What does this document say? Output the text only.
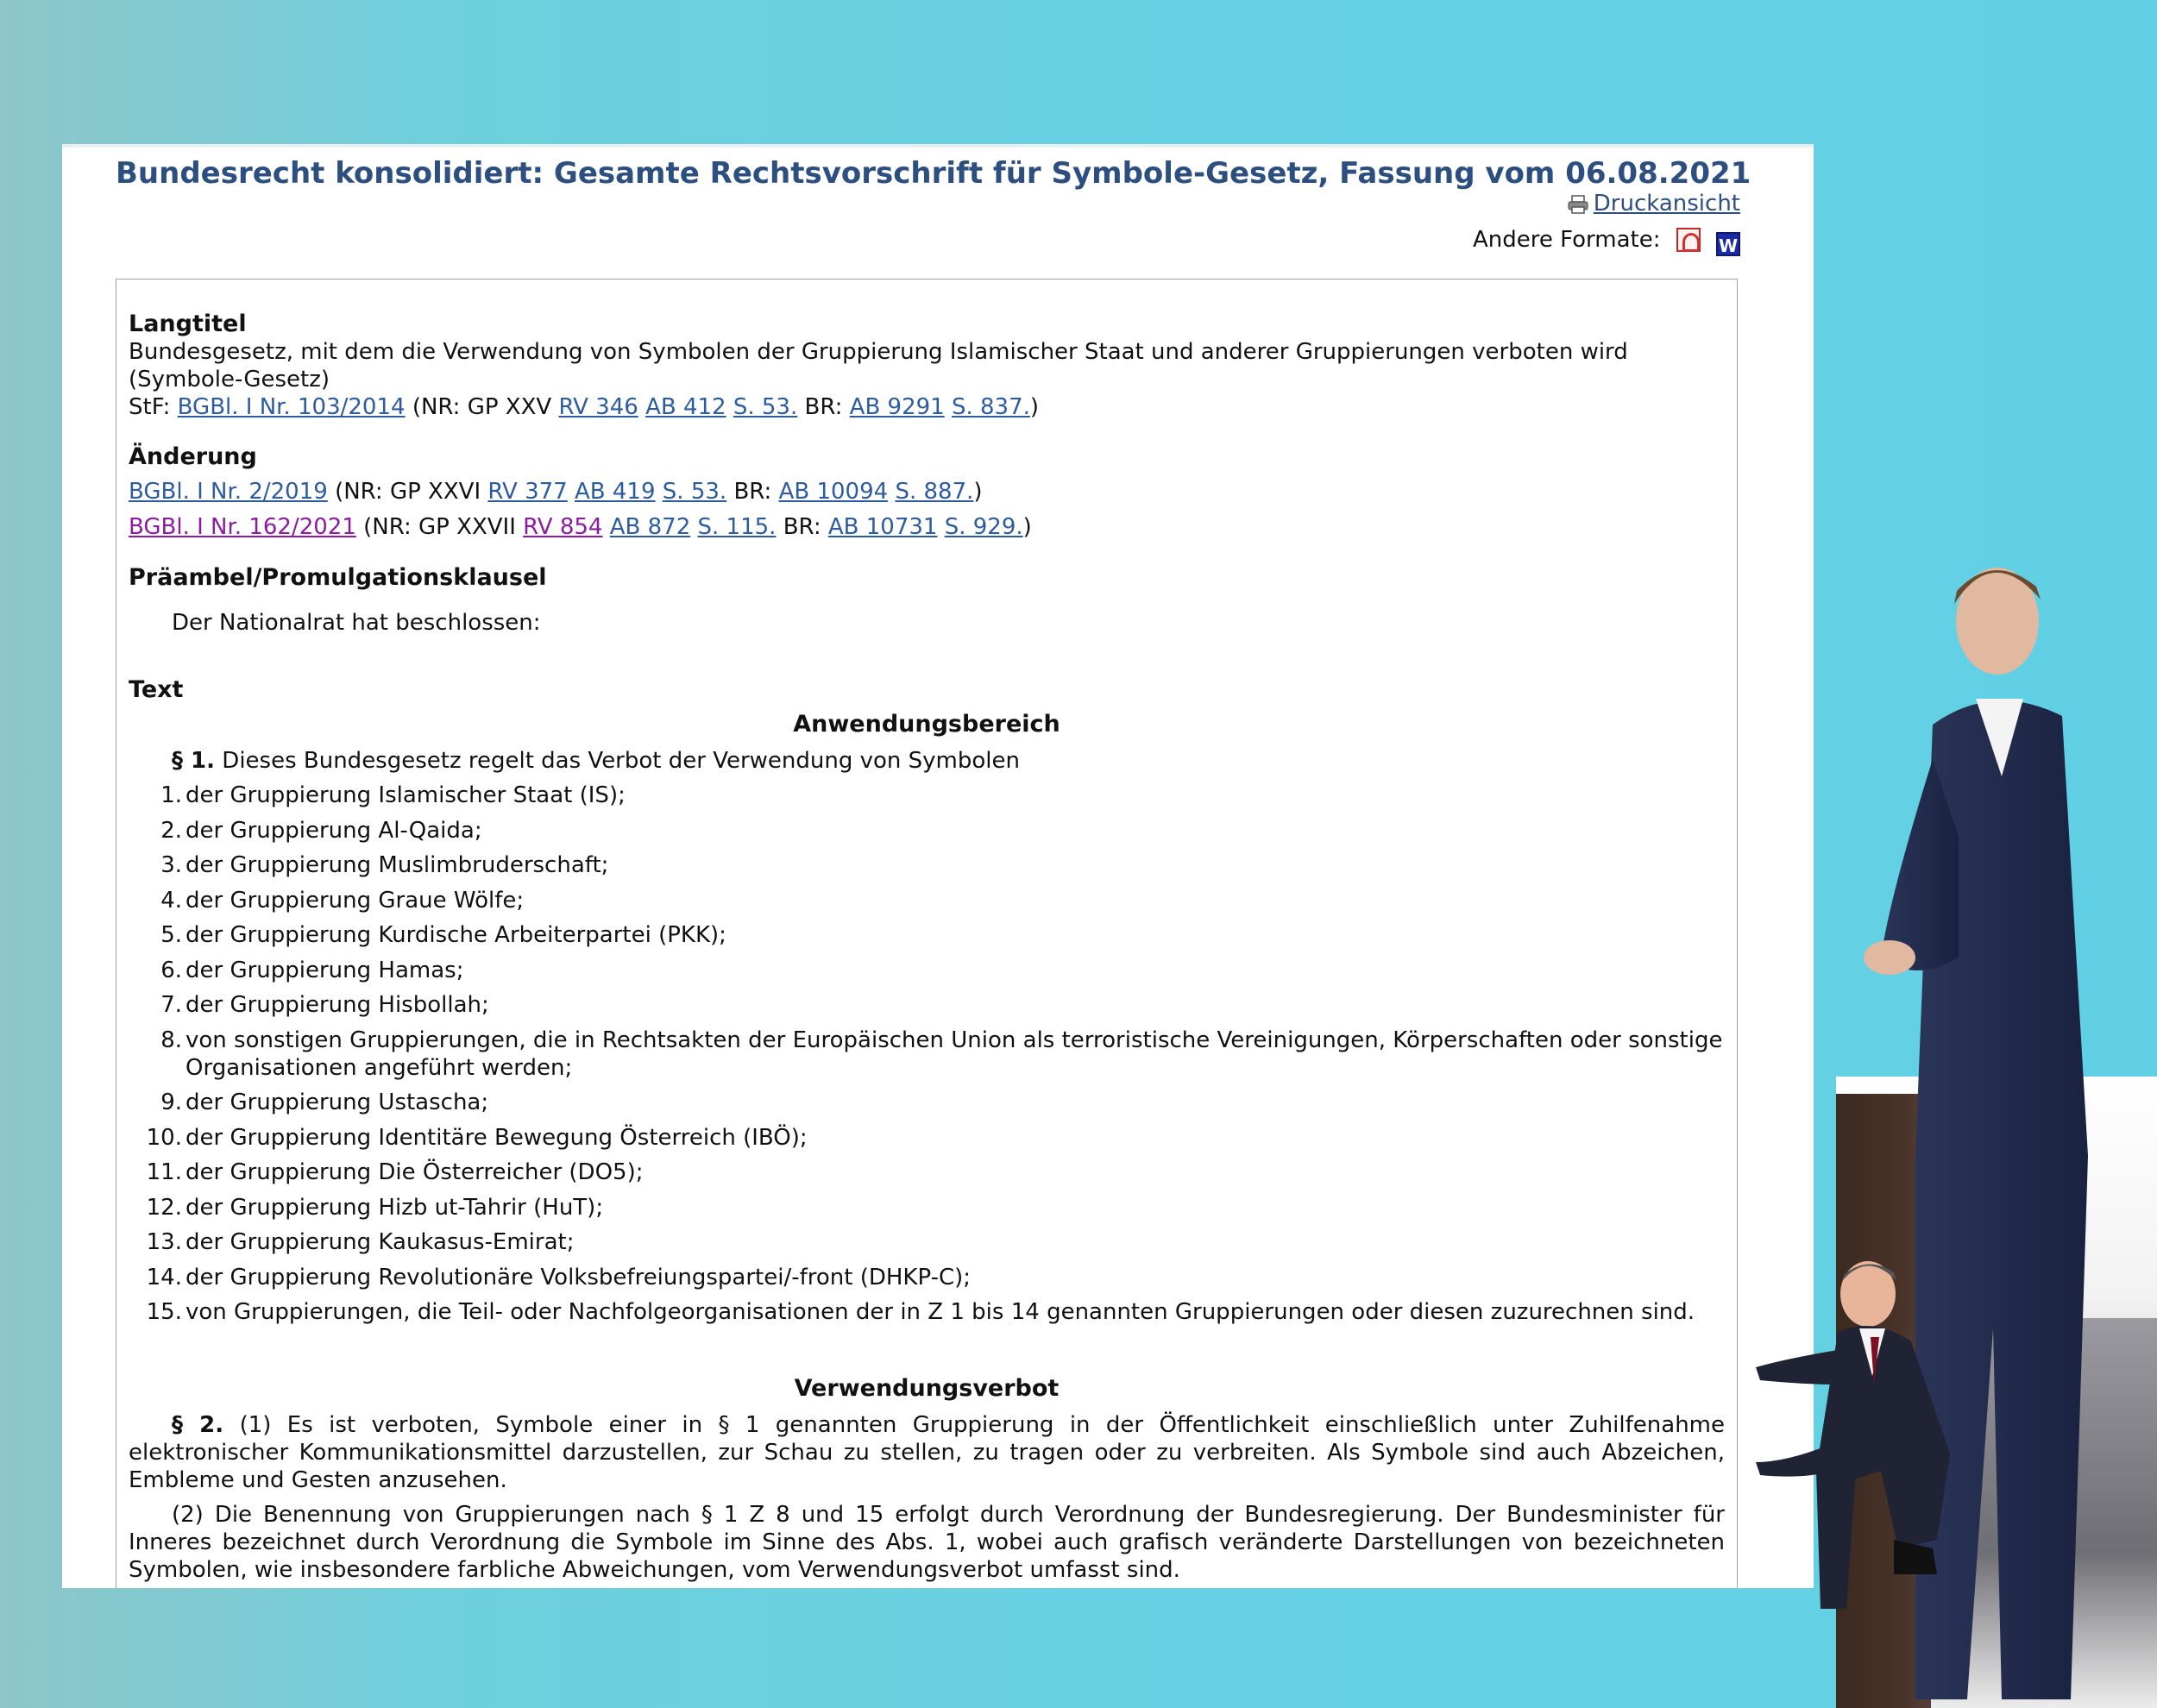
Bundesrecht konsolidiert: Gesamte Rechtsvorschrift für Symbole-Gesetz, Fassung vom 06.08.2021
Druckansicht
Andere Formate:	W
Langtitel
Bundesgesetz, mit dem die Verwendung von Symbolen der Gruppierung Islamischer Staat und anderer Gruppierungen verboten wird (Symbole-Gesetz)
StF: BGBl. I Nr. 103/2014 (NR: GP XXV RV 346 AB 412 S. 53. BR: AB 9291 S. 837.)
Änderung
BGBl. I Nr. 2/2019 (NR: GP XXVI RV 377 AB 419 S. 53. BR: AB 10094 S. 887.)
BGBl. I Nr. 162/2021 (NR: GP XXVII RV 854 AB 872 S. 115. BR: AB 10731 S. 929.)
Präambel/Promulgationsklausel
Der Nationalrat hat beschlossen:
Text
Anwendungsbereich
§ 1. Dieses Bundesgesetz regelt das Verbot der Verwendung von Symbolen
1. der Gruppierung Islamischer Staat (IS);
2. der Gruppierung Al-Qaida;
3. der Gruppierung Muslimbruderschaft;
4. der Gruppierung Graue Wölfe;
5. der Gruppierung Kurdische Arbeiterpartei (PKK);
6. der Gruppierung Hamas;
7. der Gruppierung Hisbollah;
8. von sonstigen Gruppierungen, die in Rechtsakten der Europäischen Union als terroristische Vereinigungen, Körperschaften oder sonstige Organisationen angeführt werden;
9. der Gruppierung Ustascha;
10. der Gruppierung Identitäre Bewegung Österreich (IBÖ);
11. der Gruppierung Die Österreicher (DO5);
12. der Gruppierung Hizb ut-Tahrir (HuT);
13. der Gruppierung Kaukasus-Emirat;
14. der Gruppierung Revolutionäre Volksbefreiungspartei/-front (DHKP-C);
15. von Gruppierungen, die Teil- oder Nachfolgeorganisationen der in Z 1 bis 14 genannten Gruppierungen oder diesen zuzurechnen sind.
Verwendungsverbot
§ 2. (1) Es ist verboten, Symbole einer in § 1 genannten Gruppierung in der Öffentlichkeit einschließlich unter Zuhilfenahme elektronischer Kommunikationsmittel darzustellen, zur Schau zu stellen, zu tragen oder zu verbreiten. Als Symbole sind auch Abzeichen, Embleme und Gesten anzusehen.
(2) Die Benennung von Gruppierungen nach § 1 Z 8 und 15 erfolgt durch Verordnung der Bundesregierung. Der Bundesminister für Inneres bezeichnet durch Verordnung die Symbole im Sinne des Abs. 1, wobei auch grafisch veränderte Darstellungen von bezeichneten Symbolen, wie insbesondere farbliche Abweichungen, vom Verwendungsverbot umfasst sind.
